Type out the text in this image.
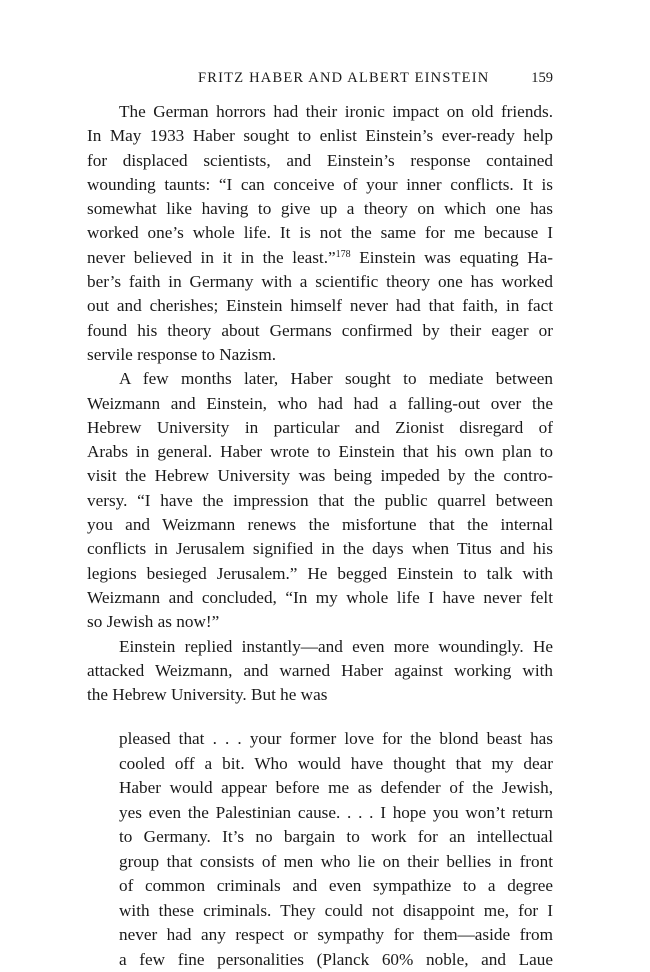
FRITZ HABER AND ALBERT EINSTEIN	159

The German horrors had their ironic impact on old friends.
In May 1933 Haber sought to enlist Einstein’s ever-ready help
for displaced scientists, and Einstein’s response contained
wounding taunts: “I can conceive of your inner conflicts. It is
somewhat like having to give up a theory on which one has
worked one’s whole life. It is not the same for me because I
never believed in it in the least.”$^{178}$ Einstein was equating Ha-
ber’s faith in Germany with a scientific theory one has worked
out and cherishes; Einstein himself never had that faith, in fact
found his theory about Germans confirmed by their eager or
servile response to Nazism.

A few months later, Haber sought to mediate between
Weizmann and Einstein, who had had a falling-out over the
Hebrew University in particular and Zionist disregard of
Arabs in general. Haber wrote to Einstein that his own plan to
visit the Hebrew University was being impeded by the contro-
versy. “I have the impression that the public quarrel between
you and Weizmann renews the misfortune that the internal
conflicts in Jerusalem signified in the days when Titus and his
legions besieged Jerusalem.” He begged Einstein to talk with
Weizmann and concluded, “In my whole life I have never felt
so Jewish as now!”

Einstein replied instantly—and even more woundingly. He
attacked Weizmann, and warned Haber against working with
the Hebrew University. But he was

pleased that . . . your former love for the blond beast has
cooled off a bit. Who would have thought that my dear
Haber would appear before me as defender of the Jewish,
yes even the Palestinian cause. . . . I hope you won’t return
to Germany. It’s no bargain to work for an intellectual
group that consists of men who lie on their bellies in front
of common criminals and even sympathize to a degree
with these criminals. They could not disappoint me, for I
never had any respect or sympathy for them—aside from
a few fine personalities (Planck 60% noble, and Laue
